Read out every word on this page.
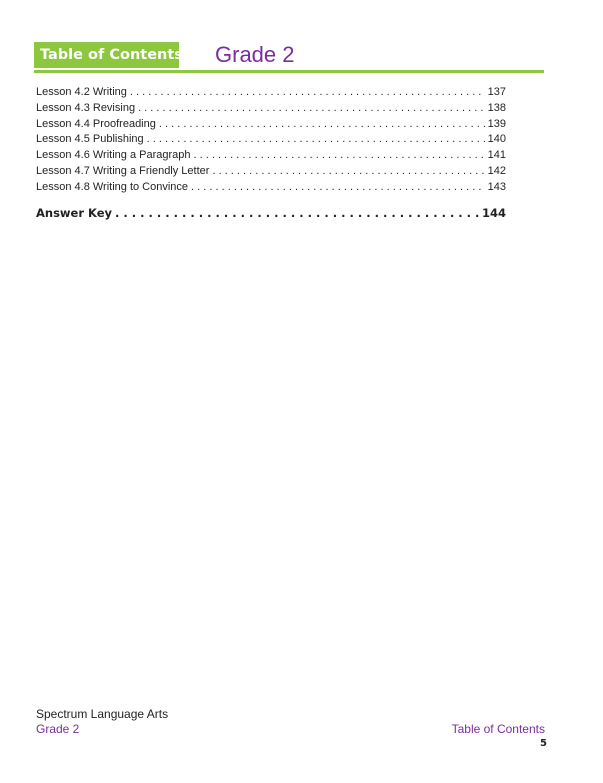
Table of Contents Grade 2
Lesson 4.2 Writing . . .	137
Lesson 4.3 Revising . . .	138
Lesson 4.4 Proofreading . . .	139
Lesson 4.5 Publishing . . .	140
Lesson 4.6 Writing a Paragraph . . .	141
Lesson 4.7 Writing a Friendly Letter . . .	142
Lesson 4.8 Writing to Convince . . .	143
Answer Key . . .	144
Spectrum Language Arts
Grade 2	Table of Contents
5
